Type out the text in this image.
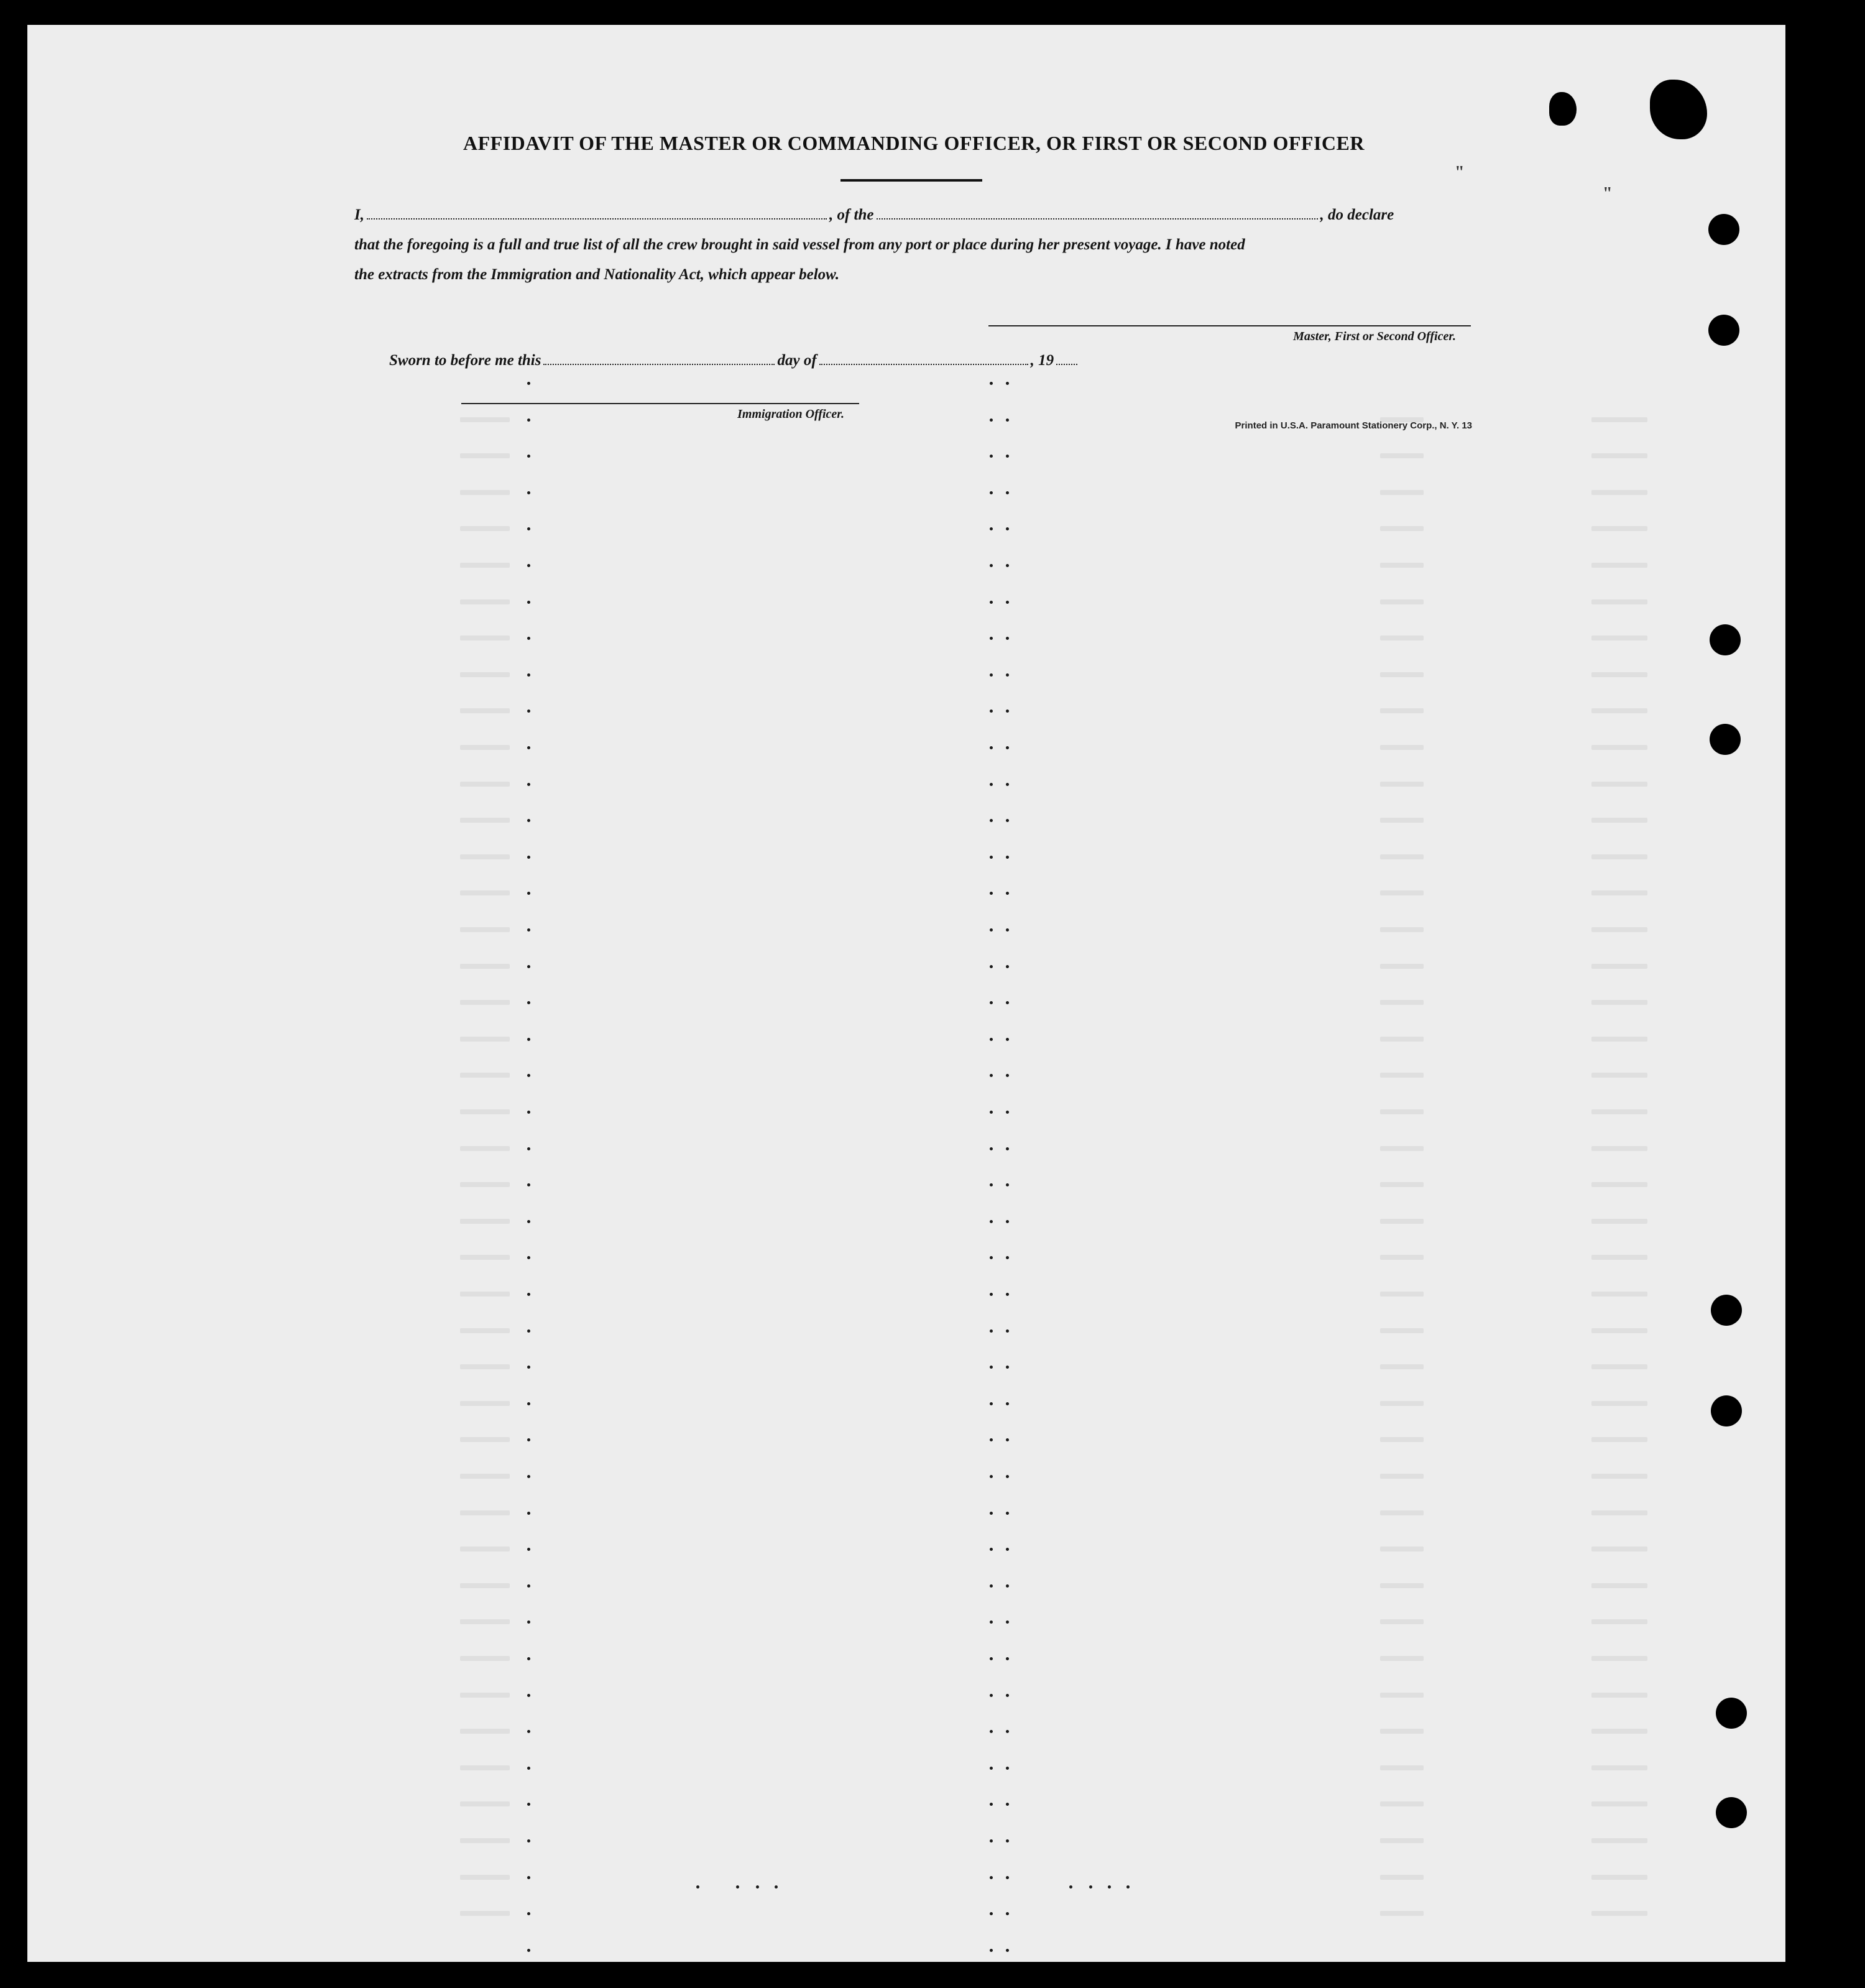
AFFIDAVIT OF THE MASTER OR COMMANDING OFFICER, OR FIRST OR SECOND OFFICER
"
"
I,	, of the	, do declare
that the foregoing is a full and true list of all the crew brought in said vessel from any port or place during her present voyage. I have noted
the extracts from the Immigration and Nationality Act, which appear below.
Master, First or Second Officer.
Sworn to before me this	day of	, 19
Immigration Officer.
Printed in U.S.A. Paramount Stationery Corp., N. Y. 13
